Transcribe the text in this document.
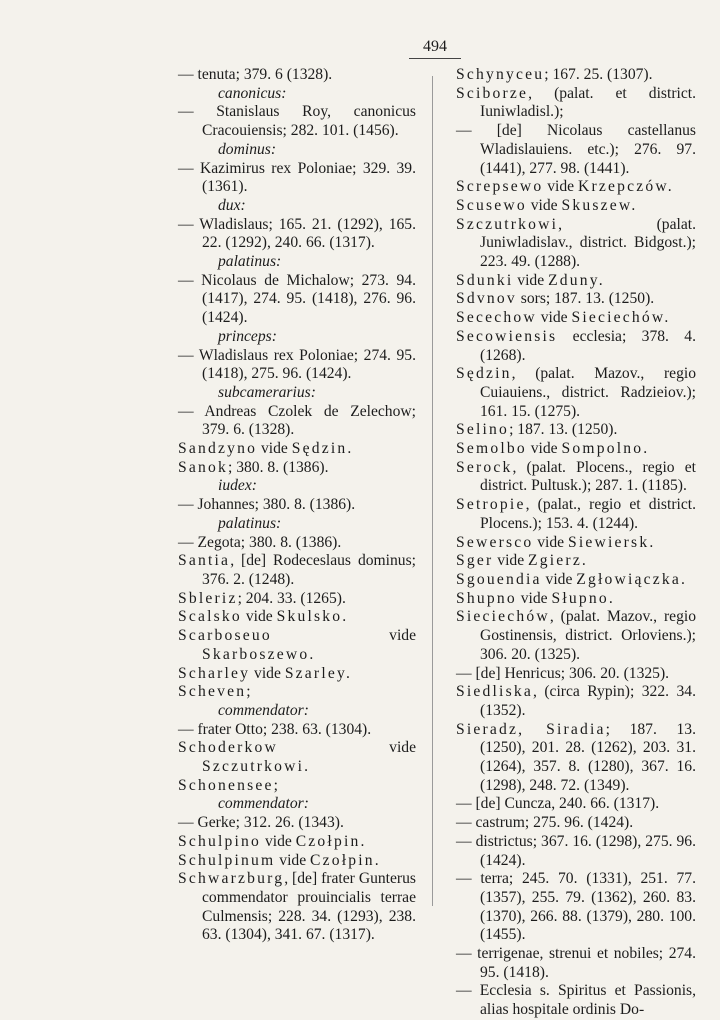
494

— tenuta; 379. 6 (1328).

canonicus:

— Stanislaus Roy, canonicus Cracouiensis; 282. 101. (1456).

dominus:

— Kazimirus rex Poloniae; 329. 39. (1361).

dux:

— Wladislaus; 165. 21. (1292), 165. 22. (1292), 240. 66. (1317).

palatinus:

— Nicolaus de Michalow; 273. 94. (1417), 274. 95. (1418), 276. 96. (1424).

princeps:

— Wladislaus rex Poloniae; 274. 95. (1418), 275. 96. (1424).

subcamerarius:

— Andreas Czolek de Zelechow; 379. 6. (1328).

Sandzyno vide Sędzin.

Sanok; 380. 8. (1386).

iudex:

— Johannes; 380. 8. (1386).

palatinus:

— Zegota; 380. 8. (1386).

Santia, [de] Rodeceslaus dominus; 376. 2. (1248).

Sbleriz; 204. 33. (1265).

Scalsko vide Skulsko.

Scarboseuo vide Skarboszewo.

Scharley vide Szarley.

Scheven;

commendator:

— frater Otto; 238. 63. (1304).

Schoderkow vide Szczutrkowi.

Schonensee;

commendator:

— Gerke; 312. 26. (1343).

Schulpino vide Czołpin.

Schulpinum vide Czołpin.

Schwarzburg, [de] frater Gunterus commendator prouincialis terrae Culmensis; 228. 34. (1293), 238. 63. (1304), 341. 67. (1317).

Schynyceu; 167. 25. (1307).

Sciborze, (palat. et district. Iuniwladisl.);

— [de] Nicolaus castellanus Wladislauiens. etc.); 276. 97. (1441), 277. 98. (1441).

Screpsewo vide Krzepczów.

Scusewo vide Skuszew.

Szczutrkowi, (palat. Juniwladislav., district. Bidgost.); 223. 49. (1288).

Sdunki vide Zduny.

Sdvnov sors; 187. 13. (1250).

Secechow vide Sieciechów.

Secowiensis ecclesia; 378. 4. (1268).

Sędzin, (palat. Mazov., regio Cuiauiens., district. Radzieiov.); 161. 15. (1275).

Selino; 187. 13. (1250).

Semolbo vide Sompolno.

Serock, (palat. Plocens., regio et district. Pultusk.); 287. 1. (1185).

Setropie, (palat., regio et district. Plocens.); 153. 4. (1244).

Sewersco vide Siewiersk.

Sger vide Zgierz.

Sgouendia vide Zgłowiączka.

Shupno vide Słupno.

Sieciechów, (palat. Mazov., regio Gostinensis, district. Orloviens.); 306. 20. (1325).

— [de] Henricus; 306. 20. (1325).

Siedliska, (circa Rypin); 322. 34. (1352).

Sieradz, Siradia; 187. 13. (1250), 201. 28. (1262), 203. 31. (1264), 357. 8. (1280), 367. 16. (1298), 248. 72. (1349).

— [de] Cuncza, 240. 66. (1317).

— castrum; 275. 96. (1424).

— districtus; 367. 16. (1298), 275. 96. (1424).

— terra; 245. 70. (1331), 251. 77. (1357), 255. 79. (1362), 260. 83. (1370), 266. 88. (1379), 280. 100. (1455).

— terrigenae, strenui et nobiles; 274. 95. (1418).

— Ecclesia s. Spiritus et Passionis, alias hospitale ordinis Do-
